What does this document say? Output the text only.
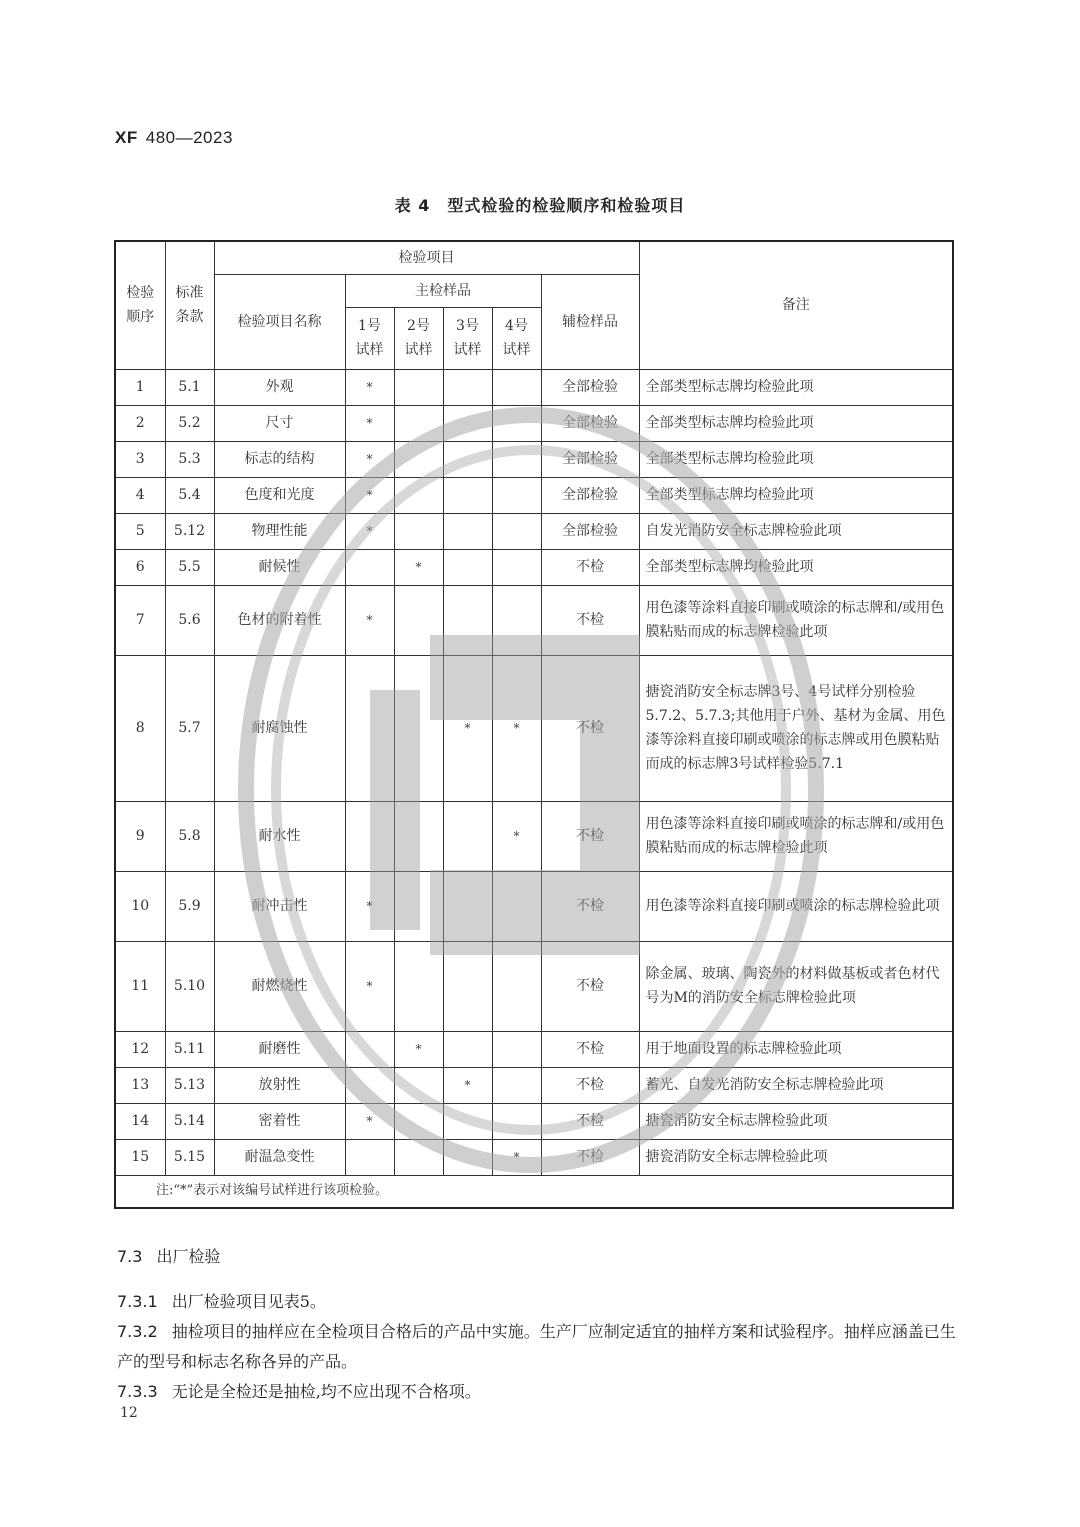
XF 480—2023
表 4　型式检验的检验顺序和检验项目
检验顺序	标准条款	检验项目						备注
		检验项目名称	主检样品				辅检样品	
			1号试样	2号试样	3号试样	4号试样		
1	5.1	外观	*				全部检验	全部类型标志牌均检验此项
2	5.2	尺寸	*				全部检验	全部类型标志牌均检验此项
3	5.3	标志的结构	*				全部检验	全部类型标志牌均检验此项
4	5.4	色度和光度	*				全部检验	全部类型标志牌均检验此项
5	5.12	物理性能	*				全部检验	自发光消防安全标志牌检验此项
6	5.5	耐候性		*			不检	全部类型标志牌均检验此项
7	5.6	色材的附着性	*				不检	用色漆等涂料直接印刷或喷涂的标志牌和/或用色膜粘贴而成的标志牌检验此项
8	5.7	耐腐蚀性			*	*	不检	搪瓷消防安全标志牌3号、4号试样分别检验5.7.2、5.7.3;其他用于户外、基材为金属、用色漆等涂料直接印刷或喷涂的标志牌或用色膜粘贴而成的标志牌3号试样检验5.7.1
9	5.8	耐水性				*	不检	用色漆等涂料直接印刷或喷涂的标志牌和/或用色膜粘贴而成的标志牌检验此项
10	5.9	耐冲击性	*				不检	用色漆等涂料直接印刷或喷涂的标志牌检验此项
11	5.10	耐燃烧性	*				不检	除金属、玻璃、陶瓷外的材料做基板或者色材代号为M的消防安全标志牌检验此项
12	5.11	耐磨性		*			不检	用于地面设置的标志牌检验此项
13	5.13	放射性			*		不检	蓄光、自发光消防安全标志牌检验此项
14	5.14	密着性	*				不检	搪瓷消防安全标志牌检验此项
15	5.15	耐温急变性				*	不检	搪瓷消防安全标志牌检验此项
注:“*”表示对该编号试样进行该项检验。								
7.3 出厂检验
7.3.1 出厂检验项目见表5。
7.3.2 抽检项目的抽样应在全检项目合格后的产品中实施。生产厂应制定适宜的抽样方案和试验程序。抽样应涵盖已生产的型号和标志名称各异的产品。
7.3.3 无论是全检还是抽检,均不应出现不合格项。
12
